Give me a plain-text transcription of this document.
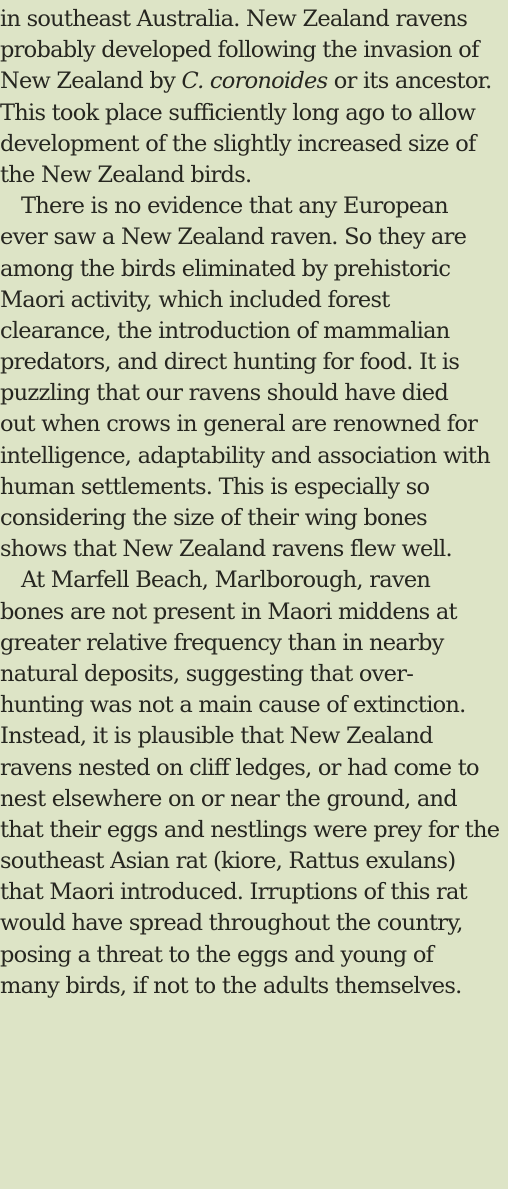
in southeast Australia. New Zealand ravens
probably developed following the invasion of
New Zealand by C. coronoides or its ancestor.
This took place sufficiently long ago to allow
development of the slightly increased size of
the New Zealand birds.
There is no evidence that any European
ever saw a New Zealand raven. So they are
among the birds eliminated by prehistoric
Maori activity, which included forest
clearance, the introduction of mammalian
predators, and direct hunting for food. It is
puzzling that our ravens should have died
out when crows in general are renowned for
intelligence, adaptability and association with
human settlements. This is especially so
considering the size of their wing bones
shows that New Zealand ravens flew well.
At Marfell Beach, Marlborough, raven
bones are not present in Maori middens at
greater relative frequency than in nearby
natural deposits, suggesting that over-
hunting was not a main cause of extinction.
Instead, it is plausible that New Zealand
ravens nested on cliff ledges, or had come to
nest elsewhere on or near the ground, and
that their eggs and nestlings were prey for the
southeast Asian rat (kiore, Rattus exulans)
that Maori introduced. Irruptions of this rat
would have spread throughout the country,
posing a threat to the eggs and young of
many birds, if not to the adults themselves.
